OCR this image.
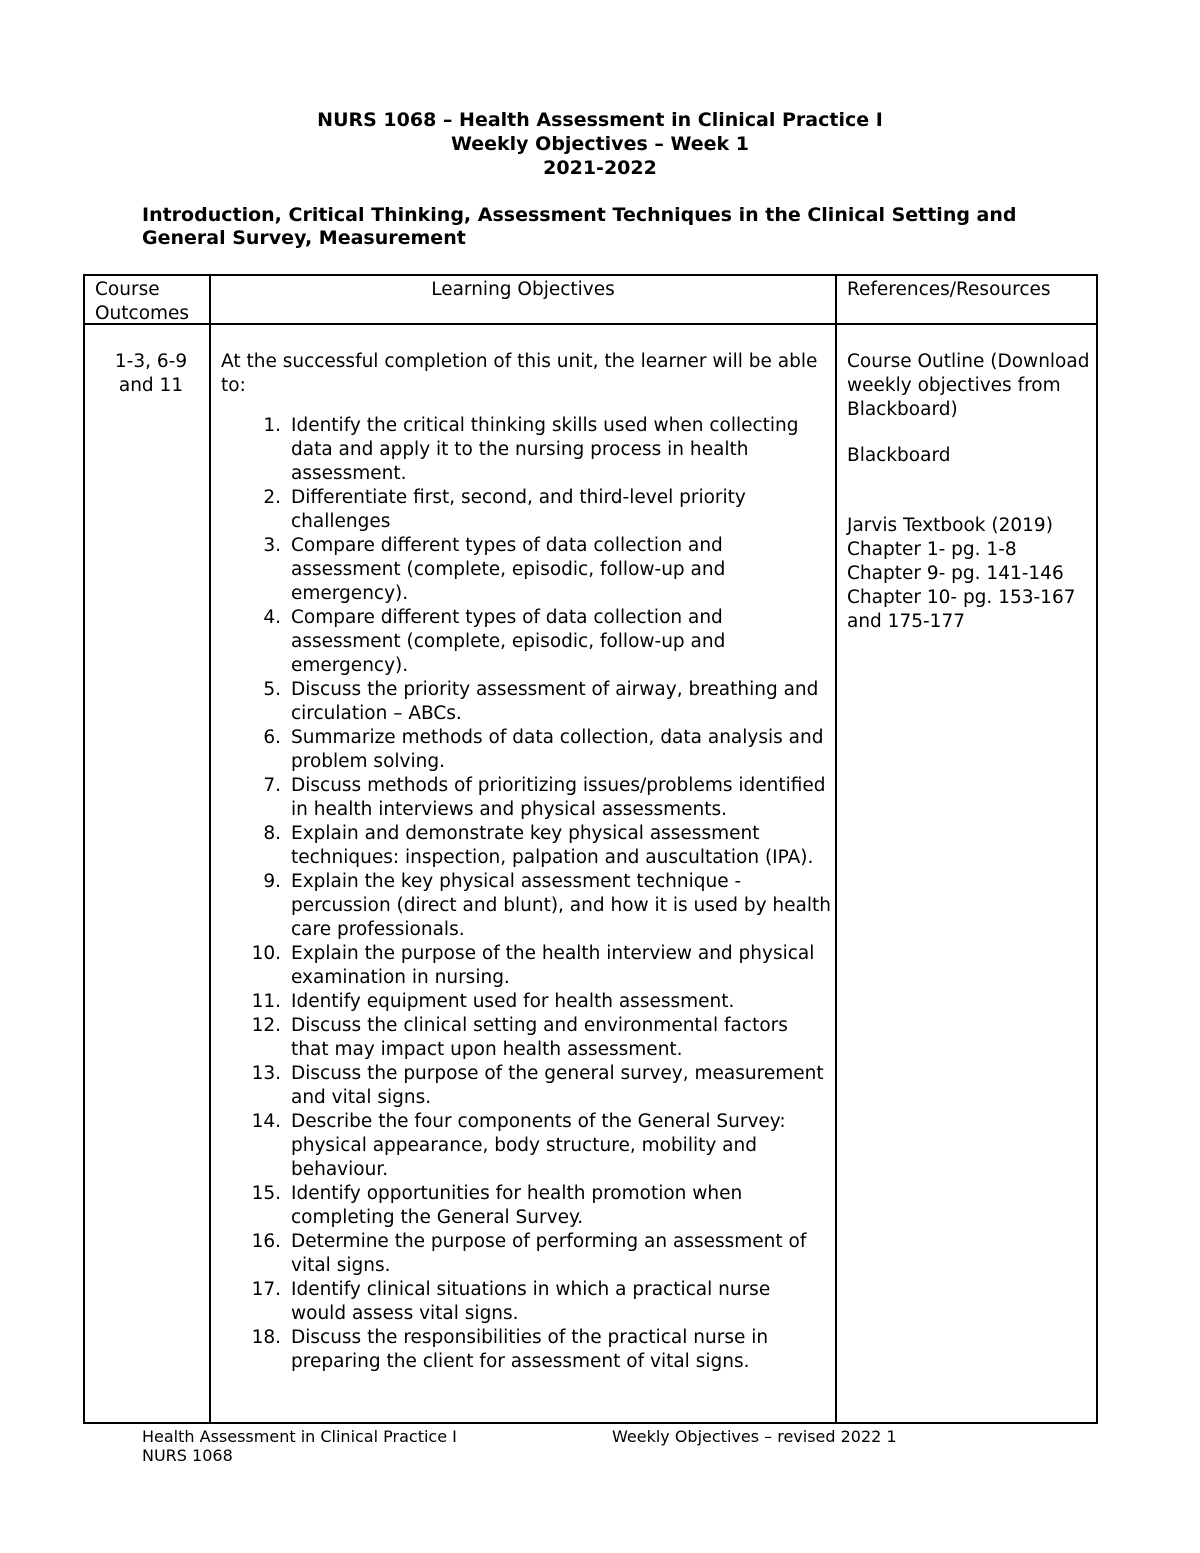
NURS 1068 – Health Assessment in Clinical Practice I
Weekly Objectives – Week 1
2021-2022
Introduction, Critical Thinking, Assessment Techniques in the Clinical Setting and General Survey, Measurement
Course Outcomes
Learning Objectives	References/Resources
1-3, 6-9 and 11
At the successful completion of this unit, the learner will be able to:
1. Identify the critical thinking skills used when collecting data and apply it to the nursing process in health assessment.
2. Differentiate first, second, and third-level priority challenges
3. Compare different types of data collection and assessment (complete, episodic, follow-up and emergency).
4. Compare different types of data collection and assessment (complete, episodic, follow-up and emergency).
5. Discuss the priority assessment of airway, breathing and circulation – ABCs.
6. Summarize methods of data collection, data analysis and problem solving.
7. Discuss methods of prioritizing issues/problems identified in health interviews and physical assessments.
8. Explain and demonstrate key physical assessment techniques: inspection, palpation and auscultation (IPA).
9. Explain the key physical assessment technique -percussion (direct and blunt), and how it is used by health care professionals.
10. Explain the purpose of the health interview and physical examination in nursing.
11. Identify equipment used for health assessment.
12. Discuss the clinical setting and environmental factors that may impact upon health assessment.
13. Discuss the purpose of the general survey, measurement and vital signs.
14. Describe the four components of the General Survey: physical appearance, body structure, mobility and behaviour.
15. Identify opportunities for health promotion when completing the General Survey.
16. Determine the purpose of performing an assessment of vital signs.
17. Identify clinical situations in which a practical nurse would assess vital signs.
18. Discuss the responsibilities of the practical nurse in preparing the client for assessment of vital signs.

Course Outline (Download weekly objectives from Blackboard)

Blackboard

Jarvis Textbook (2019)

Chapter 1- pg. 1-8

Chapter 9- pg. 141-146

Chapter 10- pg. 153-167 and 175-177

Health Assessment in Clinical Practice I
NURS 1068
Weekly Objectives – revised 2022 1
